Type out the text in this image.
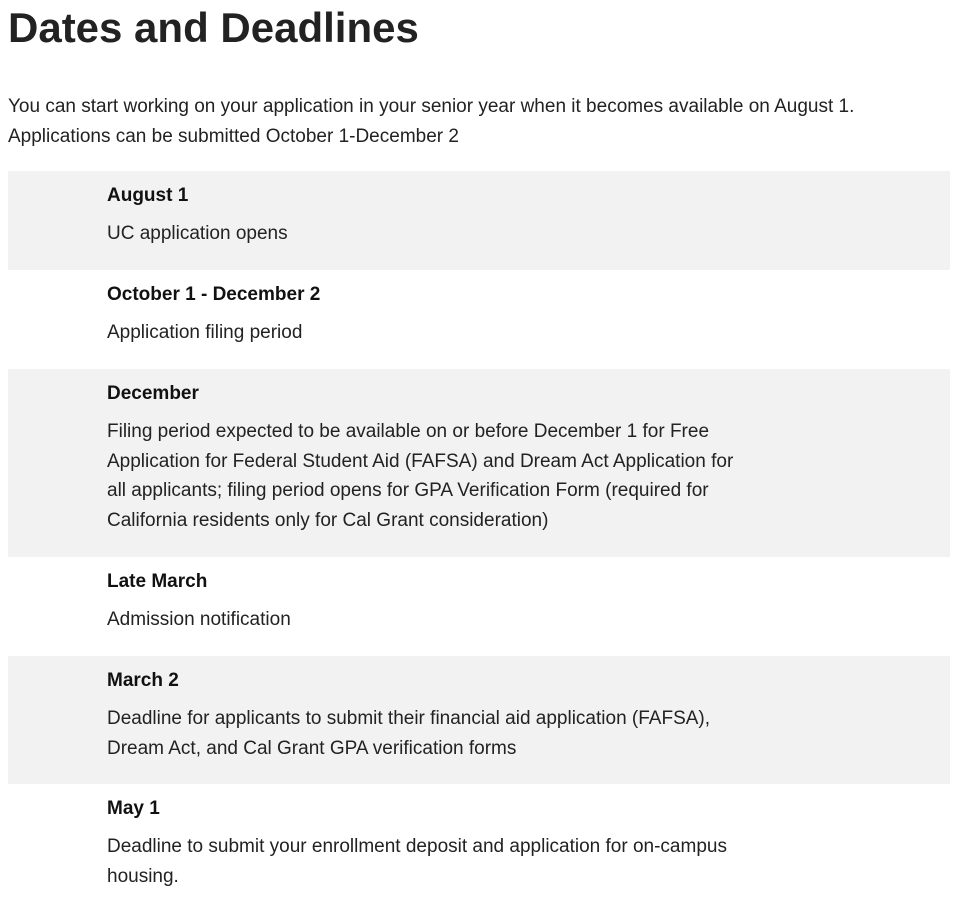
Dates and Deadlines

You can start working on your application in your senior year when it becomes available on August 1. Applications can be submitted October 1-December 2

August 1

UC application opens

October 1 - December 2

Application filing period

December

Filing period expected to be available on or before December 1 for Free Application for Federal Student Aid (FAFSA) and Dream Act Application for all applicants; filing period opens for GPA Verification Form (required for California residents only for Cal Grant consideration)

Late March

Admission notification

March 2

Deadline for applicants to submit their financial aid application (FAFSA), Dream Act, and Cal Grant GPA verification forms

May 1

Deadline to submit your enrollment deposit and application for on-campus housing.
